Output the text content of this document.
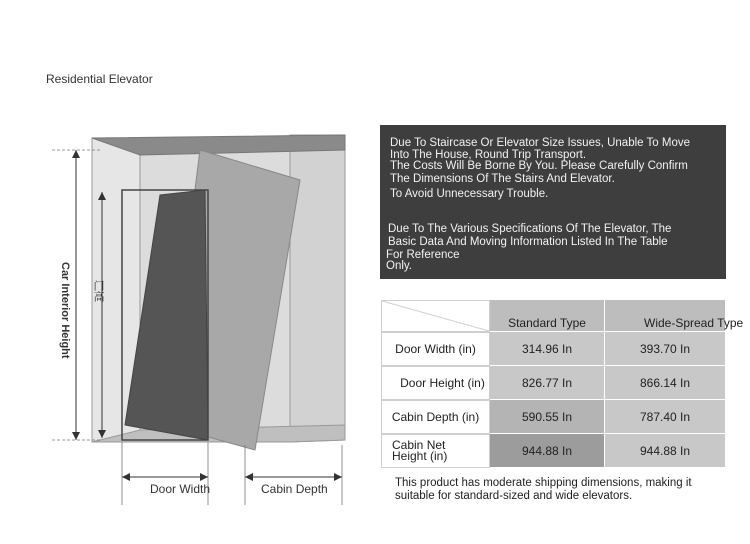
Residential Elevator
Car Interior Height 门高
Door Width	Cabin Depth
Due To Staircase Or Elevator Size Issues, Unable To Move
Into The House, Round Trip Transport.
The Costs Will Be Borne By You. Please Carefully Confirm
The Dimensions Of The Stairs And Elevator.
To Avoid Unnecessary Trouble.
Due To The Various Specifications Of The Elevator, The
Basic Data And Moving Information Listed In The Table
For Reference
Only.
Standard Type	Wide-Spread Type
Door Width (in)	314.96 In	393.70 In
Door Height (in)	826.77 In	866.14 In
Cabin Depth (in)	590.55 In	787.40 In
Cabin Net
Height (in)	944.88 In	944.88 In
This product has moderate shipping dimensions, making it
suitable for standard-sized and wide elevators.
